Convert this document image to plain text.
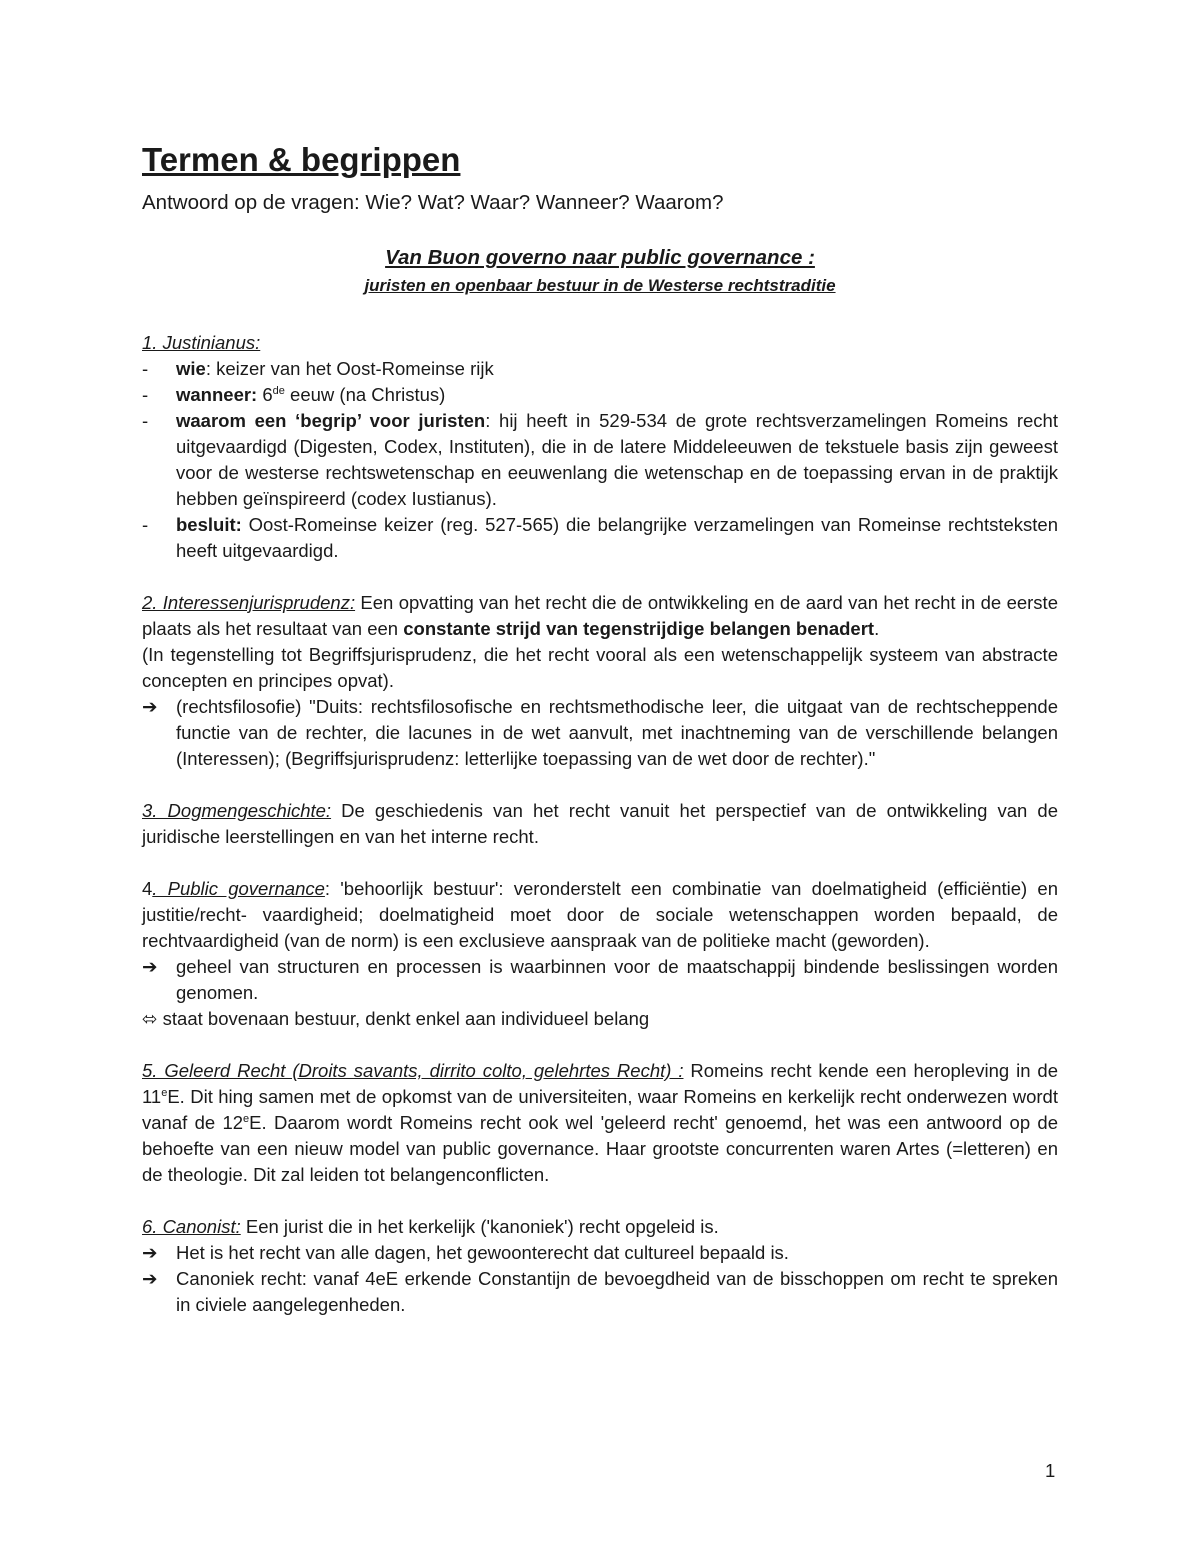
Termen & begrippen

Antwoord op de vragen: Wie? Wat? Waar? Wanneer? Waarom?

Van Buon governo naar public governance :

juristen en openbaar bestuur in de Westerse rechtstraditie

1. Justinianus:

-	wie: keizer van het Oost-Romeinse rijk
-	wanneer: 6de eeuw (na Christus)
-	waarom een ‘begrip’ voor juristen: hij heeft in 529-534 de grote rechtsverzamelingen Romeins recht uitgevaardigd (Digesten, Codex, Instituten), die in de latere Middeleeuwen de tekstuele basis zijn geweest voor de westerse rechtswetenschap en eeuwenlang die wetenschap en de toepassing ervan in de praktijk hebben geïnspireerd (codex Iustianus).
-	besluit: Oost-Romeinse keizer (reg. 527-565) die belangrijke verzamelingen van Romeinse rechtsteksten heeft uitgevaardigd.

2. Interessenjurisprudenz: Een opvatting van het recht die de ontwikkeling en de aard van het recht in de eerste plaats als het resultaat van een constante strijd van tegenstrijdige belangen benadert.

(In tegenstelling tot Begriffsjurisprudenz, die het recht vooral als een wetenschappelijk systeem van abstracte concepten en principes opvat).

➔ (rechtsfilosofie) "Duits: rechtsfilosofische en rechtsmethodische leer, die uitgaat van de rechtscheppende functie van de rechter, die lacunes in de wet aanvult, met inachtneming van de verschillende belangen (Interessen); (Begriffsjurisprudenz: letterlijke toepassing van de wet door de rechter)."

3. Dogmengeschichte: De geschiedenis van het recht vanuit het perspectief van de ontwikkeling van de juridische leerstellingen en van het interne recht.

4. Public governance: 'behoorlijk bestuur': veronderstelt een combinatie van doelmatigheid (efficiëntie) en justitie/recht- vaardigheid; doelmatigheid moet door de sociale wetenschappen worden bepaald, de rechtvaardigheid (van de norm) is een exclusieve aanspraak van de politieke macht (geworden).

➔ geheel van structuren en processen is waarbinnen voor de maatschappij bindende beslissingen worden genomen.

⬄ staat bovenaan bestuur, denkt enkel aan individueel belang

5. Geleerd Recht (Droits savants, dirrito colto, gelehrtes Recht) : Romeins recht kende een heropleving in de 11eE. Dit hing samen met de opkomst van de universiteiten, waar Romeins en kerkelijk recht onderwezen wordt vanaf de 12eE. Daarom wordt Romeins recht ook wel 'geleerd recht' genoemd, het was een antwoord op de behoefte van een nieuw model van public governance. Haar grootste concurrenten waren Artes (=letteren) en de theologie. Dit zal leiden tot belangenconflicten.

6. Canonist: Een jurist die in het kerkelijk ('kanoniek') recht opgeleid is.

➔ Het is het recht van alle dagen, het gewoonterecht dat cultureel bepaald is.
➔ Canoniek recht: vanaf 4eE erkende Constantijn de bevoegdheid van de bisschoppen om recht te spreken in civiele aangelegenheden.
1
